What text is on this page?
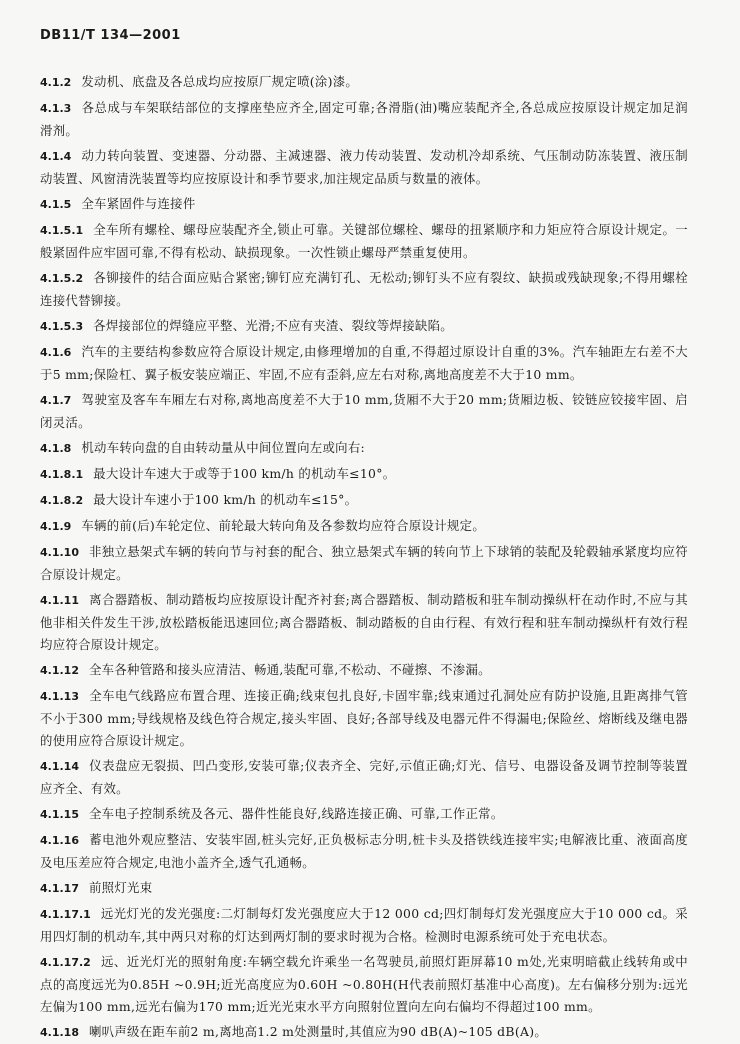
DB11/T 134—2001

4.1.2 发动机、底盘及各总成均应按原厂规定喷(涂)漆。

4.1.3 各总成与车架联结部位的支撑座垫应齐全,固定可靠;各滑脂(油)嘴应装配齐全,各总成应按原设计规定加足润滑剂。

4.1.4 动力转向装置、变速器、分动器、主减速器、液力传动装置、发动机冷却系统、气压制动防冻装置、液压制动装置、风窗清洗装置等均应按原设计和季节要求,加注规定品质与数量的液体。

4.1.5 全车紧固件与连接件

4.1.5.1 全车所有螺栓、螺母应装配齐全,锁止可靠。关键部位螺栓、螺母的扭紧顺序和力矩应符合原设计规定。一般紧固件应牢固可靠,不得有松动、缺损现象。一次性锁止螺母严禁重复使用。

4.1.5.2 各铆接件的结合面应贴合紧密;铆钉应充满钉孔、无松动;铆钉头不应有裂纹、缺损或残缺现象;不得用螺栓连接代替铆接。

4.1.5.3 各焊接部位的焊缝应平整、光滑;不应有夹渣、裂纹等焊接缺陷。

4.1.6 汽车的主要结构参数应符合原设计规定,由修理增加的自重,不得超过原设计自重的3%。汽车轴距左右差不大于5 mm;保险杠、翼子板安装应端正、牢固,不应有歪斜,应左右对称,离地高度差不大于10 mm。

4.1.7 驾驶室及客车车厢左右对称,离地高度差不大于10 mm,货厢不大于20 mm;货厢边板、铰链应铰接牢固、启闭灵活。

4.1.8 机动车转向盘的自由转动量从中间位置向左或向右:

4.1.8.1 最大设计车速大于或等于100 km/h 的机动车≤10°。

4.1.8.2 最大设计车速小于100 km/h 的机动车≤15°。

4.1.9 车辆的前(后)车轮定位、前轮最大转向角及各参数均应符合原设计规定。

4.1.10 非独立悬架式车辆的转向节与衬套的配合、独立悬架式车辆的转向节上下球销的装配及轮毂轴承紧度均应符合原设计规定。

4.1.11 离合器踏板、制动踏板均应按原设计配齐衬套;离合器踏板、制动踏板和驻车制动操纵杆在动作时,不应与其他非相关件发生干涉,放松踏板能迅速回位;离合器踏板、制动踏板的自由行程、有效行程和驻车制动操纵杆有效行程均应符合原设计规定。

4.1.12 全车各种管路和接头应清洁、畅通,装配可靠,不松动、不碰擦、不渗漏。

4.1.13 全车电气线路应布置合理、连接正确;线束包扎良好,卡固牢靠;线束通过孔洞处应有防护设施,且距离排气管不小于300 mm;导线规格及线色符合规定,接头牢固、良好;各部导线及电器元件不得漏电;保险丝、熔断线及继电器的使用应符合原设计规定。

4.1.14 仪表盘应无裂损、凹凸变形,安装可靠;仪表齐全、完好,示值正确;灯光、信号、电器设备及调节控制等装置应齐全、有效。

4.1.15 全车电子控制系统及各元、器件性能良好,线路连接正确、可靠,工作正常。

4.1.16 蓄电池外观应整洁、安装牢固,桩头完好,正负极标志分明,桩卡头及搭铁线连接牢实;电解液比重、液面高度及电压差应符合规定,电池小盖齐全,透气孔通畅。

4.1.17 前照灯光束

4.1.17.1 远光灯光的发光强度:二灯制每灯发光强度应大于12 000 cd;四灯制每灯发光强度应大于10 000 cd。采用四灯制的机动车,其中两只对称的灯达到两灯制的要求时视为合格。检测时电源系统可处于充电状态。

4.1.17.2 远、近光灯光的照射角度:车辆空载允许乘坐一名驾驶员,前照灯距屏幕10 m处,光束明暗截止线转角或中点的高度远光为0.85H ~0.9H;近光高度应为0.60H ~0.80H(H代表前照灯基准中心高度)。左右偏移分别为:远光左偏为100 mm,远光右偏为170 mm;近光光束水平方向照射位置向左向右偏均不得超过100 mm。

4.1.18 喇叭声级在距车前2 m,离地高1.2 m处测量时,其值应为90 dB(A)~105 dB(A)。
